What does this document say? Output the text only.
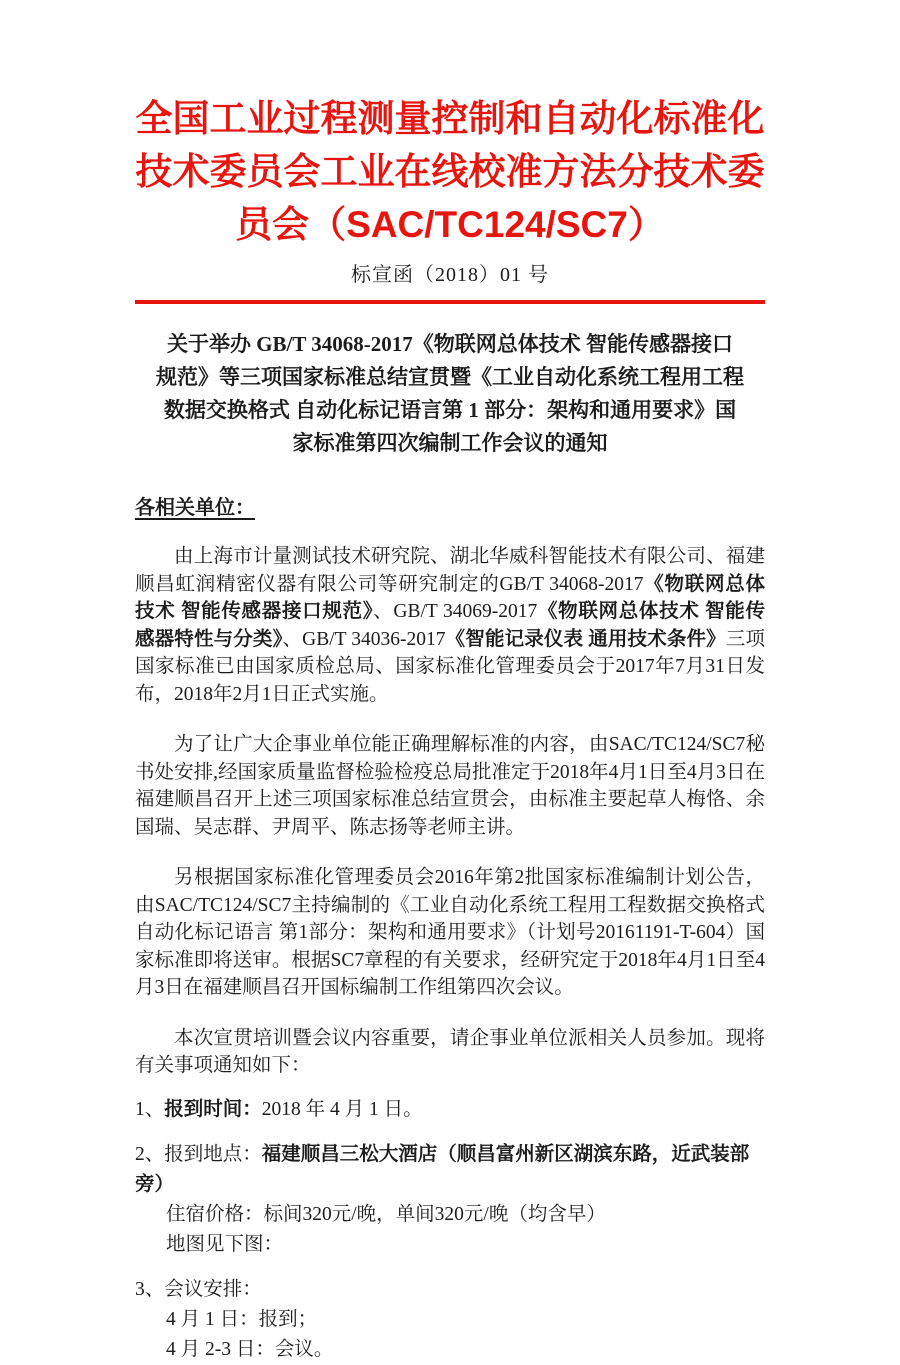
全国工业过程测量控制和自动化标准化
技术委员会工业在线校准方法分技术委
员会（SAC/TC124/SC7）
标宣函（2018）01 号
关于举办 GB/T 34068-2017《物联网总体技术 智能传感器接口
规范》等三项国家标准总结宣贯暨《工业自动化系统工程用工程
数据交换格式 自动化标记语言第 1 部分：架构和通用要求》国
家标准第四次编制工作会议的通知
各相关单位：
由上海市计量测试技术研究院、湖北华威科智能技术有限公司、福建顺昌虹润精密仪器有限公司等研究制定的GB/T 34068-2017《物联网总体技术 智能传感器接口规范》、GB/T 34069-2017《物联网总体技术 智能传感器特性与分类》、GB/T 34036-2017《智能记录仪表 通用技术条件》三项国家标准已由国家质检总局、国家标准化管理委员会于2017年7月31日发布，2018年2月1日正式实施。
为了让广大企事业单位能正确理解标准的内容，由SAC/TC124/SC7秘书处安排,经国家质量监督检验检疫总局批准定于2018年4月1日至4月3日在福建顺昌召开上述三项国家标准总结宣贯会，由标准主要起草人梅恪、余国瑞、吴志群、尹周平、陈志扬等老师主讲。
另根据国家标准化管理委员会2016年第2批国家标准编制计划公告，由SAC/TC124/SC7主持编制的《工业自动化系统工程用工程数据交换格式 自动化标记语言 第1部分：架构和通用要求》（计划号20161191-T-604）国家标准即将送审。根据SC7章程的有关要求，经研究定于2018年4月1日至4月3日在福建顺昌召开国标编制工作组第四次会议。
本次宣贯培训暨会议内容重要，请企事业单位派相关人员参加。现将有关事项通知如下：
1、报到时间：2018 年 4 月 1 日。
2、报到地点：福建顺昌三松大酒店（顺昌富州新区湖滨东路，近武装部旁）
住宿价格：标间320元/晚，单间320元/晚（均含早）
地图见下图：
3、会议安排：
4 月 1 日：报到；
4 月 2-3 日：会议。
